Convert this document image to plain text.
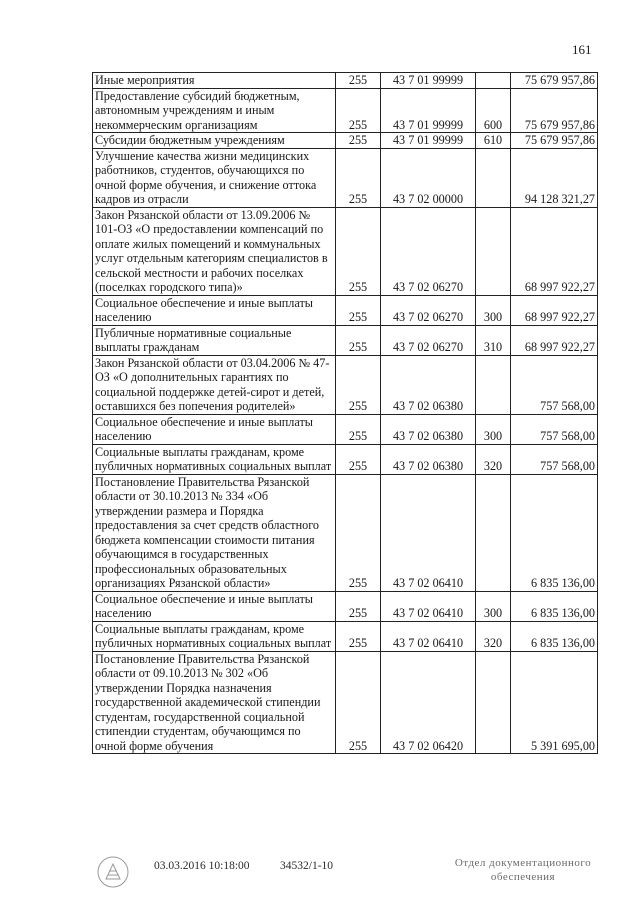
161
Иные мероприятия	255	43 7 01 99999		75 679 957,86
Предоставление субсидий бюджетным, автономным учреждениям и иным некоммерческим организациям	255	43 7 01 99999	600	75 679 957,86
Субсидии бюджетным учреждениям	255	43 7 01 99999	610	75 679 957,86
Улучшение качества жизни медицинских работников, студентов, обучающихся по очной форме обучения, и снижение оттока кадров из отрасли	255	43 7 02 00000		94 128 321,27
Закон Рязанской области от 13.09.2006 № 101-ОЗ «О предоставлении компенсаций по оплате жилых помещений и коммунальных услуг отдельным категориям специалистов в сельской местности и рабочих поселках (поселках городского типа)»	255	43 7 02 06270		68 997 922,27
Социальное обеспечение и иные выплаты населению	255	43 7 02 06270	300	68 997 922,27
Публичные нормативные социальные выплаты гражданам	255	43 7 02 06270	310	68 997 922,27
Закон Рязанской области от 03.04.2006 № 47-ОЗ «О дополнительных гарантиях по социальной поддержке детей-сирот и детей, оставшихся без попечения родителей»	255	43 7 02 06380		757 568,00
Социальное обеспечение и иные выплаты населению	255	43 7 02 06380	300	757 568,00
Социальные выплаты гражданам, кроме публичных нормативных социальных выплат	255	43 7 02 06380	320	757 568,00
Постановление Правительства Рязанской области от 30.10.2013 № 334 «Об утверждении размера и Порядка предоставления за счет средств областного бюджета компенсации стоимости питания обучающимся в государственных профессиональных образовательных организациях Рязанской области»	255	43 7 02 06410		6 835 136,00
Социальное обеспечение и иные выплаты населению	255	43 7 02 06410	300	6 835 136,00
Социальные выплаты гражданам, кроме публичных нормативных социальных выплат	255	43 7 02 06410	320	6 835 136,00
Постановление Правительства Рязанской области от 09.10.2013 № 302 «Об утверждении Порядка назначения государственной академической стипендии студентам, государственной социальной стипендии студентам, обучающимся по очной форме обучения	255	43 7 02 06420		5 391 695,00
03.03.2016 10:18:00	34532/1-10	Отдел документационного
обеспечения
